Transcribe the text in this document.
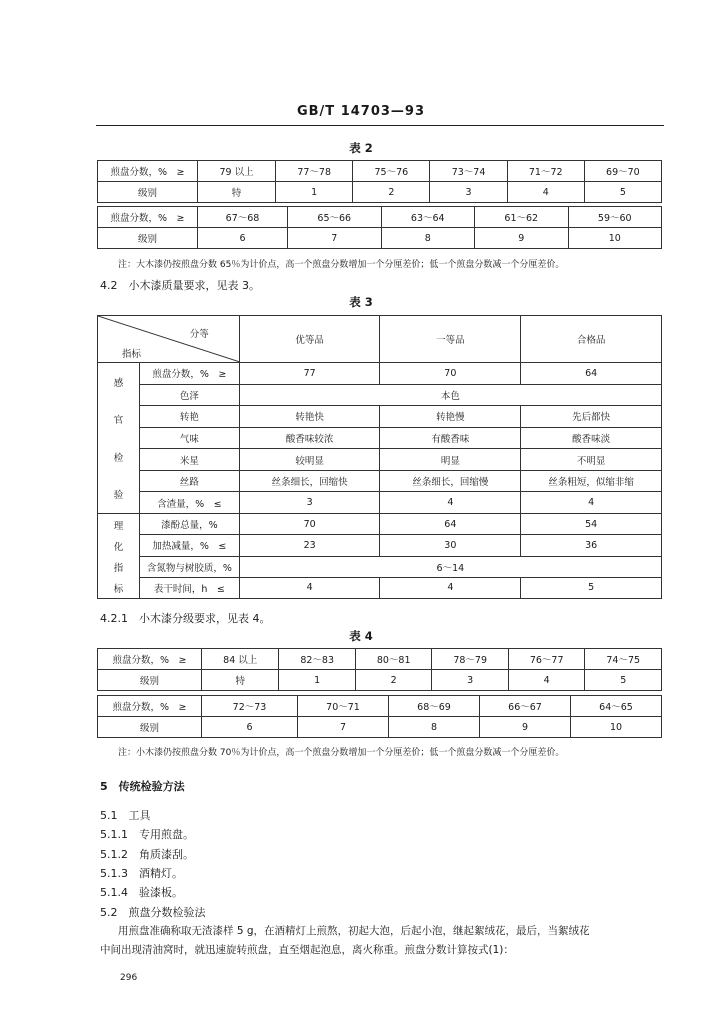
GB/T 14703—93
表 2
煎盘分数，%　≥	79 以上	77～78	75～76	73～74	71～72	69～70
级别	特	1	2	3	4	5
煎盘分数，%　≥	67～68	65～66	63～64	61～62	59～60
级别	6	7	8	9	10
注：大木漆仍按煎盘分数 65％为计价点，高一个煎盘分数增加一个分厘差价；低一个煎盘分数减一个分厘差价。
4.2　小木漆质量要求，见表 3。
表 3
分等
指标		优等品	一等品	合格品

感
官
检
验	煎盘分数，%　≥	77	70	64
	色泽	本色		
	转艳	转艳快	转艳慢	先后都快
	气味	酸香味较浓	有酸香味	酸香味淡
	米星	较明显	明显	不明显
	丝路	丝条细长，回缩快	丝条细长，回缩慢	丝条粗短，似缩非缩
	含渣量，%　≤	3	4	4

理
化
指
标	漆酚总量，%	70	64	54
	加热减量，%　≤	23	30	36
	含氮物与树胶质，%	6～14		
	表干时间，h　≤	4	4	5
4.2.1　小木漆分级要求，见表 4。
表 4
煎盘分数，%　≥	84 以上	82～83	80～81	78～79	76～77	74～75
级别	特	1	2	3	4	5
煎盘分数，%　≥	72～73	70～71	68～69	66～67	64～65
级别	6	7	8	9	10
注：小木漆仍按煎盘分数 70％为计价点，高一个煎盘分数增加一个分厘差价；低一个煎盘分数减一个分厘差价。
5　传统检验方法
5.1　工具
5.1.1　专用煎盘。
5.1.2　角质漆刮。
5.1.3　酒精灯。
5.1.4　验漆板。
5.2　煎盘分数检验法
用煎盘准确称取无渣漆样 5 g，在酒精灯上煎熬，初起大泡，后起小泡，继起絮绒花，最后，当絮绒花
中间出现清油窝时，就迅速旋转煎盘，直至烟起泡息，离火称重。煎盘分数计算按式(1)：
296
